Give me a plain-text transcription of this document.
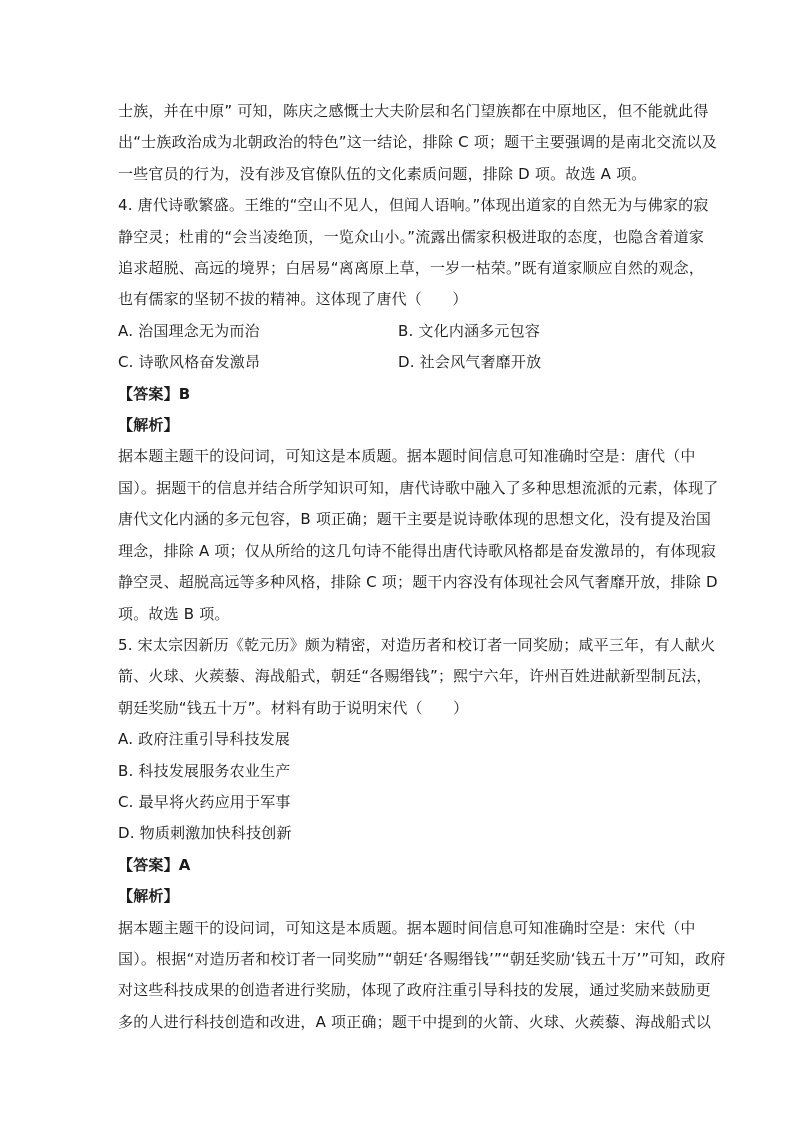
士族，并在中原” 可知，陈庆之感慨士大夫阶层和名门望族都在中原地区，但不能就此得
出“士族政治成为北朝政治的特色”这一结论，排除 C 项；题干主要强调的是南北交流以及
一些官员的行为，没有涉及官僚队伍的文化素质问题，排除 D 项。故选 A 项。
4. 唐代诗歌繁盛。王维的“空山不见人，但闻人语响。”体现出道家的自然无为与佛家的寂
静空灵；杜甫的“会当凌绝顶，一览众山小。”流露出儒家积极进取的态度，也隐含着道家
追求超脱、高远的境界；白居易“离离原上草，一岁一枯荣。”既有道家顺应自然的观念，
也有儒家的坚韧不拔的精神。这体现了唐代（　　）
A. 治国理念无为而治	B. 文化内涵多元包容
C. 诗歌风格奋发激昂	D. 社会风气奢靡开放
【答案】B
【解析】
据本题主题干的设问词，可知这是本质题。据本题时间信息可知准确时空是：唐代（中
国）。据题干的信息并结合所学知识可知，唐代诗歌中融入了多种思想流派的元素，体现了
唐代文化内涵的多元包容，B 项正确；题干主要是说诗歌体现的思想文化，没有提及治国
理念，排除 A 项；仅从所给的这几句诗不能得出唐代诗歌风格都是奋发激昂的，有体现寂
静空灵、超脱高远等多种风格，排除 C 项；题干内容没有体现社会风气奢靡开放，排除 D
项。故选 B 项。
5. 宋太宗因新历《乾元历》颇为精密，对造历者和校订者一同奖励；咸平三年，有人献火
箭、火球、火蒺藜、海战船式，朝廷“各赐缗钱”；熙宁六年，许州百姓进献新型制瓦法，
朝廷奖励“钱五十万”。材料有助于说明宋代（　　）
A. 政府注重引导科技发展
B. 科技发展服务农业生产
C. 最早将火药应用于军事
D. 物质刺激加快科技创新
【答案】A
【解析】
据本题主题干的设问词，可知这是本质题。据本题时间信息可知准确时空是：宋代（中
国）。根据“对造历者和校订者一同奖励”“朝廷‘各赐缗钱’”“朝廷奖励‘钱五十万’”可知，政府
对这些科技成果的创造者进行奖励，体现了政府注重引导科技的发展，通过奖励来鼓励更
多的人进行科技创造和改进，A 项正确；题干中提到的火箭、火球、火蒺藜、海战船式以
